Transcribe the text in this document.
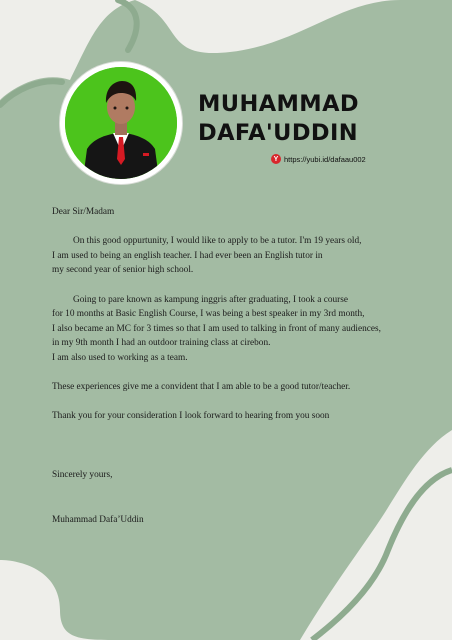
MUHAMMAD
DAFA'UDDIN
Y https://yubi.id/dafaau002

Dear Sir/Madam

On this good oppurtunity, I would like to apply to be a tutor. I'm 19 years old,

I am used to being an english teacher. I had ever been an English tutor in

my second year of senior high school.

Going to pare known as kampung inggris after graduating, I took a course

for 10 months at Basic English Course, I was being a best speaker in my 3rd month,

I also became an MC for 3 times so that I am used to talking in front of many audiences,

in my 9th month I had an outdoor training class at cirebon.

I am also used to working as a team.

These experiences give me a convident that I am able to be a good tutor/teacher.

Thank you for your consideration I look forward to hearing from you soon

Sincerely yours,

Muhammad Dafa’Uddin
